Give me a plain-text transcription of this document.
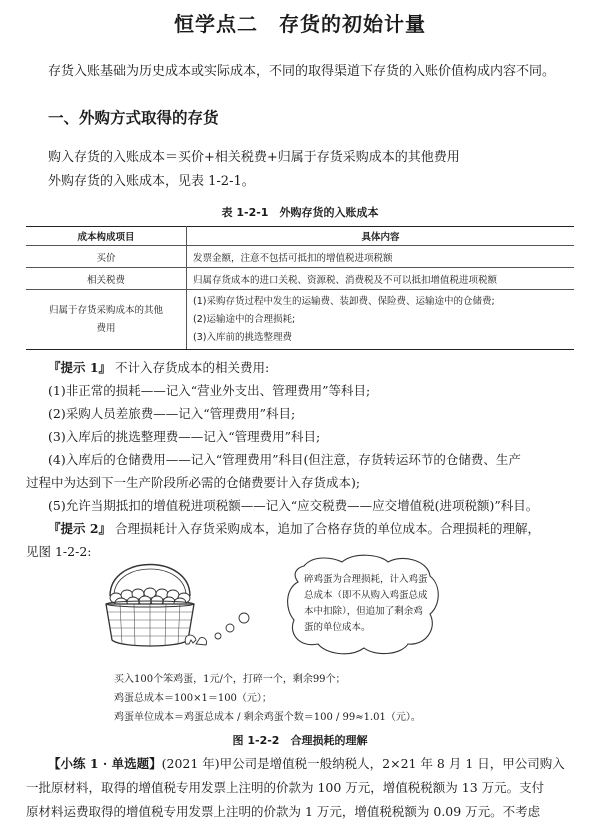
恒学点二　存货的初始计量
存货入账基础为历史成本或实际成本，不同的取得渠道下存货的入账价值构成内容不同。
一、外购方式取得的存货
购入存货的入账成本＝买价+相关税费+归属于存货采购成本的其他费用
外购存货的入账成本，见表 1-2-1。
表 1-2-1　外购存货的入账成本
成本构成项目	具体内容
买价	发票金额，注意不包括可抵扣的增值税进项税额
相关税费	归属存货成本的进口关税、资源税、消费税及不可以抵扣增值税进项税额
归属于存货采购成本的其他费用	(1)采购存货过程中发生的运输费、装卸费、保险费、运输途中的仓储费;
(2)运输途中的合理损耗;
(3)入库前的挑选整理费
『提示 1』 不计入存货成本的相关费用:
(1)非正常的损耗——记入“营业外支出、管理费用”等科目;
(2)采购人员差旅费——记入“管理费用”科目;
(3)入库后的挑选整理费——记入“管理费用”科目;
(4)入库后的仓储费用——记入“管理费用”科目(但注意，存货转运环节的仓储费、生产
过程中为达到下一生产阶段所必需的仓储费要计入存货成本);
(5)允许当期抵扣的增值税进项税额——记入“应交税费——应交增值税(进项税额)”科目。
『提示 2』 合理损耗计入存货采购成本，追加了合格存货的单位成本。合理损耗的理解，
见图 1-2-2:
碎鸡蛋为合理损耗，计入鸡蛋
总成本（即不从购入鸡蛋总成
本中扣除），但追加了剩余鸡
蛋的单位成本。
买入100个笨鸡蛋，1元/个，打碎一个，剩余99个；
鸡蛋总成本＝100×1＝100（元）；
鸡蛋单位成本＝鸡蛋总成本 / 剩余鸡蛋个数＝100 / 99≈1.01（元）。
图 1-2-2　合理损耗的理解
【小练 1 · 单选题】(2021 年)甲公司是增值税一般纳税人，2×21 年 8 月 1 日，甲公司购入
一批原材料，取得的增值税专用发票上注明的价款为 100 万元，增值税税额为 13 万元。支付
原材料运费取得的增值税专用发票上注明的价款为 1 万元，增值税税额为 0.09 万元。不考虑
